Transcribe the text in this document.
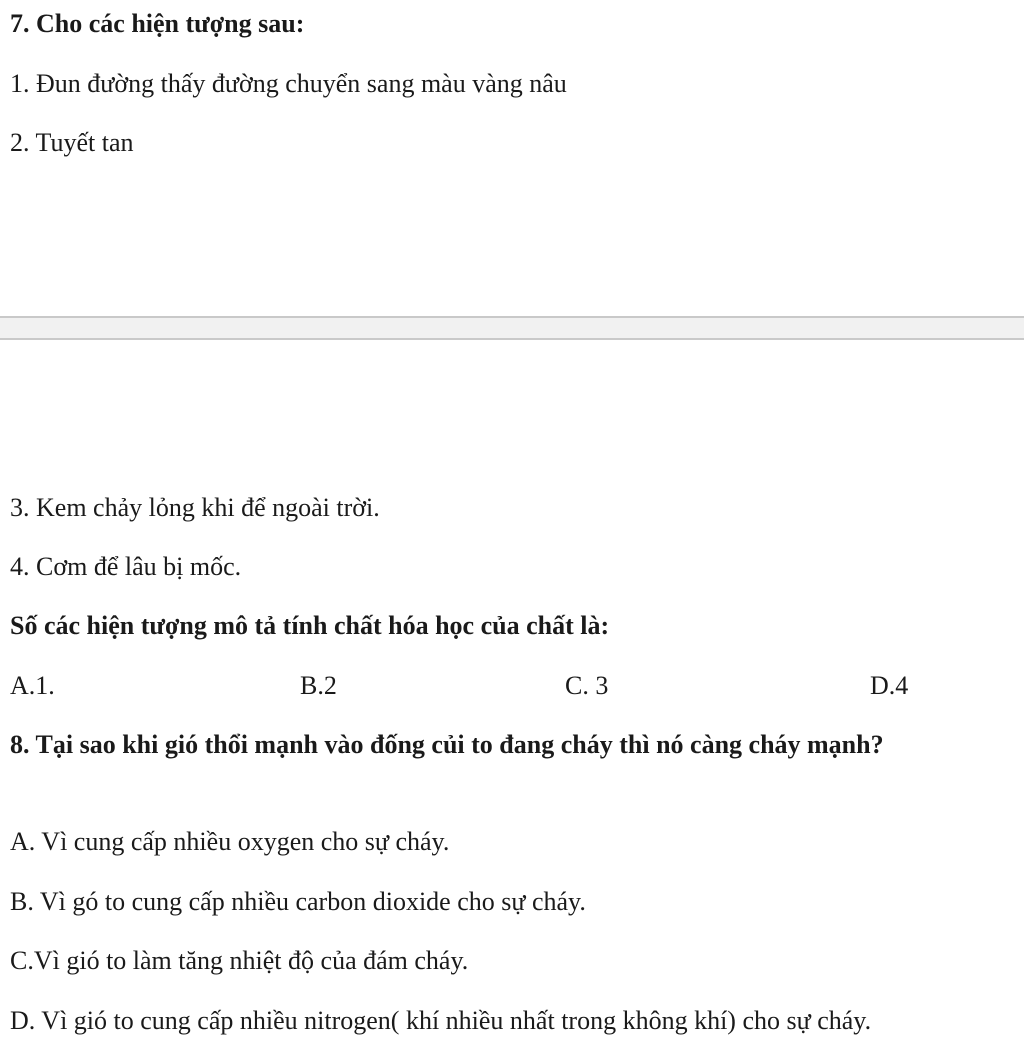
7. Cho các hiện tượng sau:
1. Đun đường thấy đường chuyển sang màu vàng nâu
2. Tuyết tan
3. Kem chảy lỏng khi để ngoài trời.
4. Cơm để lâu bị mốc.
Số các hiện tượng mô tả tính chất hóa học của chất là:
A.1.	B.2	C. 3	D.4
8. Tại sao khi gió thổi mạnh vào đống củi to đang cháy thì nó càng cháy mạnh?
A. Vì cung cấp nhiều oxygen cho sự cháy.
B. Vì gó to cung cấp nhiều carbon dioxide cho sự cháy.
C.Vì gió to làm tăng nhiệt độ của đám cháy.
D. Vì gió to cung cấp nhiều nitrogen( khí nhiều nhất trong không khí) cho sự cháy.
